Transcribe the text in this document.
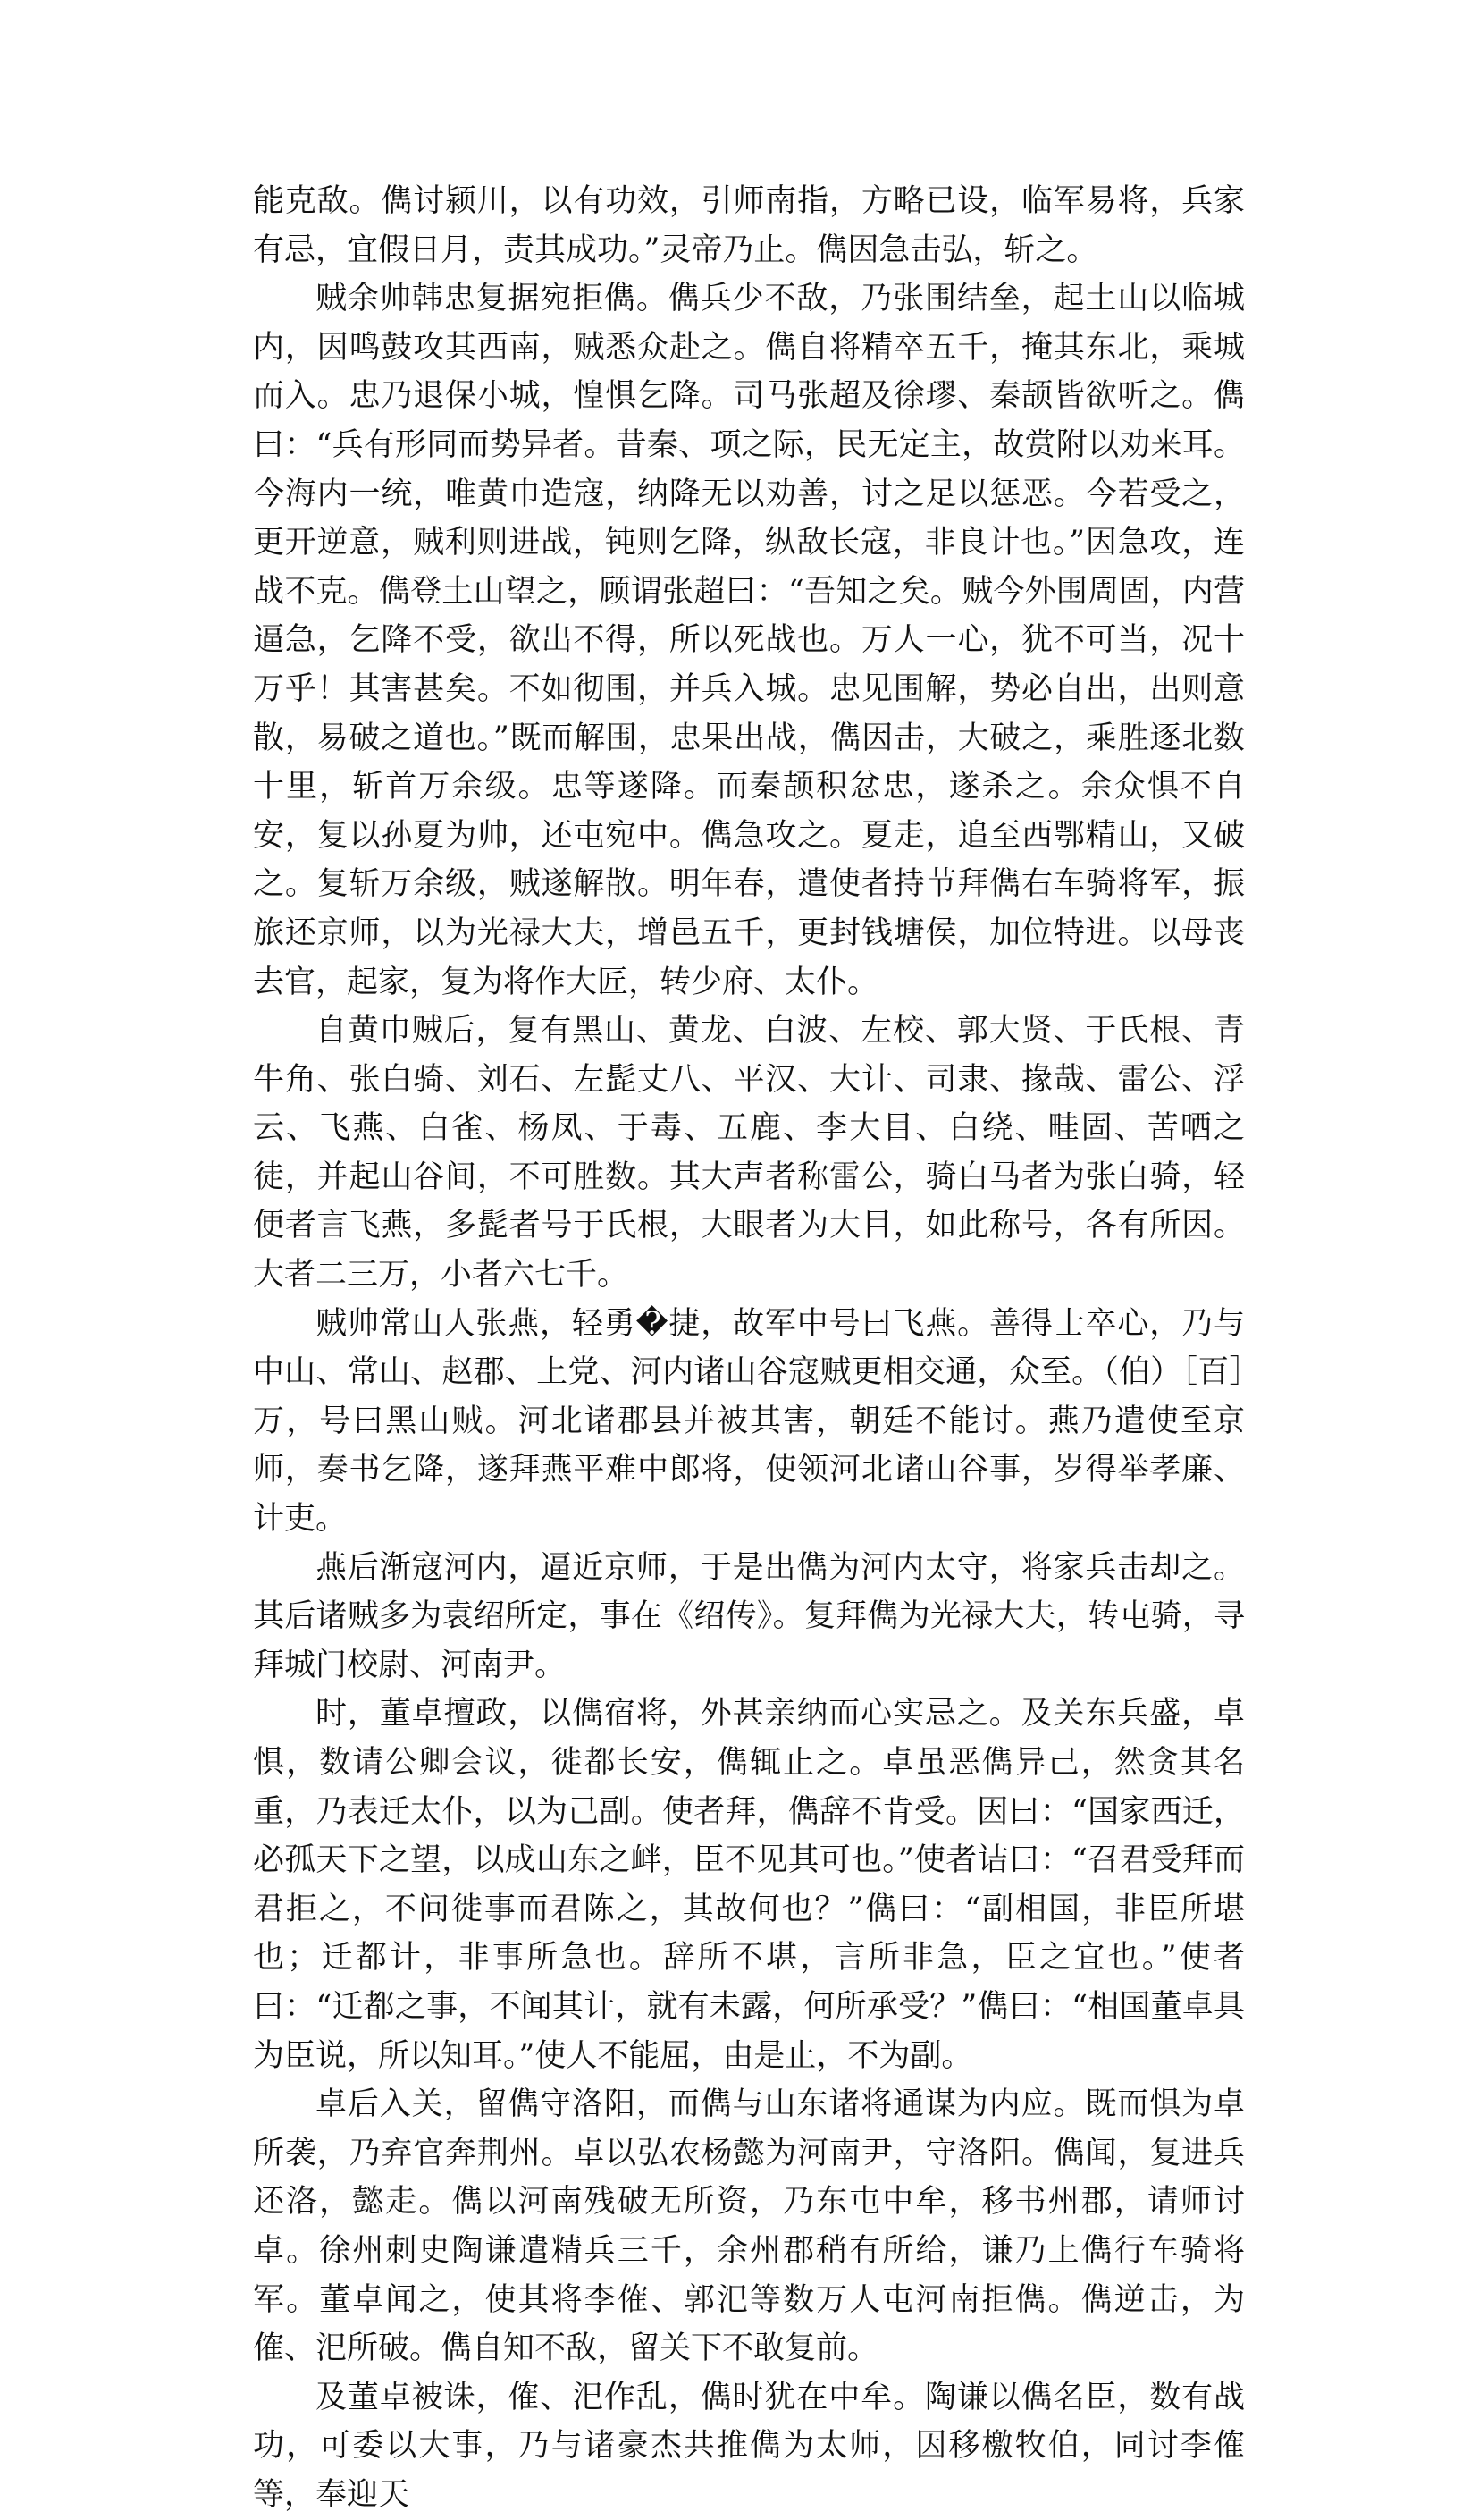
能克敌。儁讨颍川，以有功效，引师南指，方略已设，临军易将，兵家有忌，宜假日月，责其成功。”灵帝乃止。儁因急击弘，斩之。

贼余帅韩忠复据宛拒儁。儁兵少不敌，乃张围结垒，起土山以临城内，因鸣鼓攻其西南，贼悉众赴之。儁自将精卒五千，掩其东北，乘城而入。忠乃退保小城，惶惧乞降。司马张超及徐璆、秦颉皆欲听之。儁曰：“兵有形同而势异者。昔秦、项之际，民无定主，故赏附以劝来耳。今海内一统，唯黄巾造寇，纳降无以劝善，讨之足以惩恶。今若受之，更开逆意，贼利则进战，钝则乞降，纵敌长寇，非良计也。”因急攻，连战不克。儁登土山望之，顾谓张超曰：“吾知之矣。贼今外围周固，内营逼急，乞降不受，欲出不得，所以死战也。万人一心，犹不可当，况十万乎！其害甚矣。不如彻围，并兵入城。忠见围解，势必自出，出则意散，易破之道也。”既而解围，忠果出战，儁因击，大破之，乘胜逐北数十里，斩首万余级。忠等遂降。而秦颉积忿忠，遂杀之。余众惧不自安，复以孙夏为帅，还屯宛中。儁急攻之。夏走，追至西鄂精山，又破之。复斩万余级，贼遂解散。明年春，遣使者持节拜儁右车骑将军，振旅还京师，以为光禄大夫，增邑五千，更封钱塘侯，加位特进。以母丧去官，起家，复为将作大匠，转少府、太仆。

自黄巾贼后，复有黑山、黄龙、白波、左校、郭大贤、于氏根、青牛角、张白骑、刘石、左髭丈八、平汉、大计、司隶、掾哉、雷公、浮云、飞燕、白雀、杨凤、于毒、五鹿、李大目、白绕、畦固、苦哂之徒，并起山谷间，不可胜数。其大声者称雷公，骑白马者为张白骑，轻便者言飞燕，多髭者号于氏根，大眼者为大目，如此称号，各有所因。大者二三万，小者六七千。

贼帅常山人张燕，轻勇�捷，故军中号曰飞燕。善得士卒心，乃与中山、常山、赵郡、上党、河内诸山谷寇贼更相交通，众至。（伯）［百］万，号曰黑山贼。河北诸郡县并被其害，朝廷不能讨。燕乃遣使至京师，奏书乞降，遂拜燕平难中郎将，使领河北诸山谷事，岁得举孝廉、计吏。

燕后渐寇河内，逼近京师，于是出儁为河内太守，将家兵击却之。其后诸贼多为袁绍所定，事在《绍传》。复拜儁为光禄大夫，转屯骑，寻拜城门校尉、河南尹。

时，董卓擅政，以儁宿将，外甚亲纳而心实忌之。及关东兵盛，卓惧，数请公卿会议，徙都长安，儁辄止之。卓虽恶儁异己，然贪其名重，乃表迁太仆，以为己副。使者拜，儁辞不肯受。因曰：“国家西迁，必孤天下之望，以成山东之衅，臣不见其可也。”使者诘曰：“召君受拜而君拒之，不问徙事而君陈之，其故何也？”儁曰：“副相国，非臣所堪也；迁都计，非事所急也。辞所不堪，言所非急，臣之宜也。”使者曰：“迁都之事，不闻其计，就有未露，何所承受？”儁曰：“相国董卓具为臣说，所以知耳。”使人不能屈，由是止，不为副。

卓后入关，留儁守洛阳，而儁与山东诸将通谋为内应。既而惧为卓所袭，乃弃官奔荆州。卓以弘农杨懿为河南尹，守洛阳。儁闻，复进兵还洛，懿走。儁以河南残破无所资，乃东屯中牟，移书州郡，请师讨卓。徐州刺史陶谦遣精兵三千，余州郡稍有所给，谦乃上儁行车骑将军。董卓闻之，使其将李傕、郭汜等数万人屯河南拒儁。儁逆击，为傕、汜所破。儁自知不敌，留关下不敢复前。

及董卓被诛，傕、汜作乱，儁时犹在中牟。陶谦以儁名臣，数有战功，可委以大事，乃与诸豪杰共推儁为太师，因移檄牧伯，同讨李傕等，奉迎天
